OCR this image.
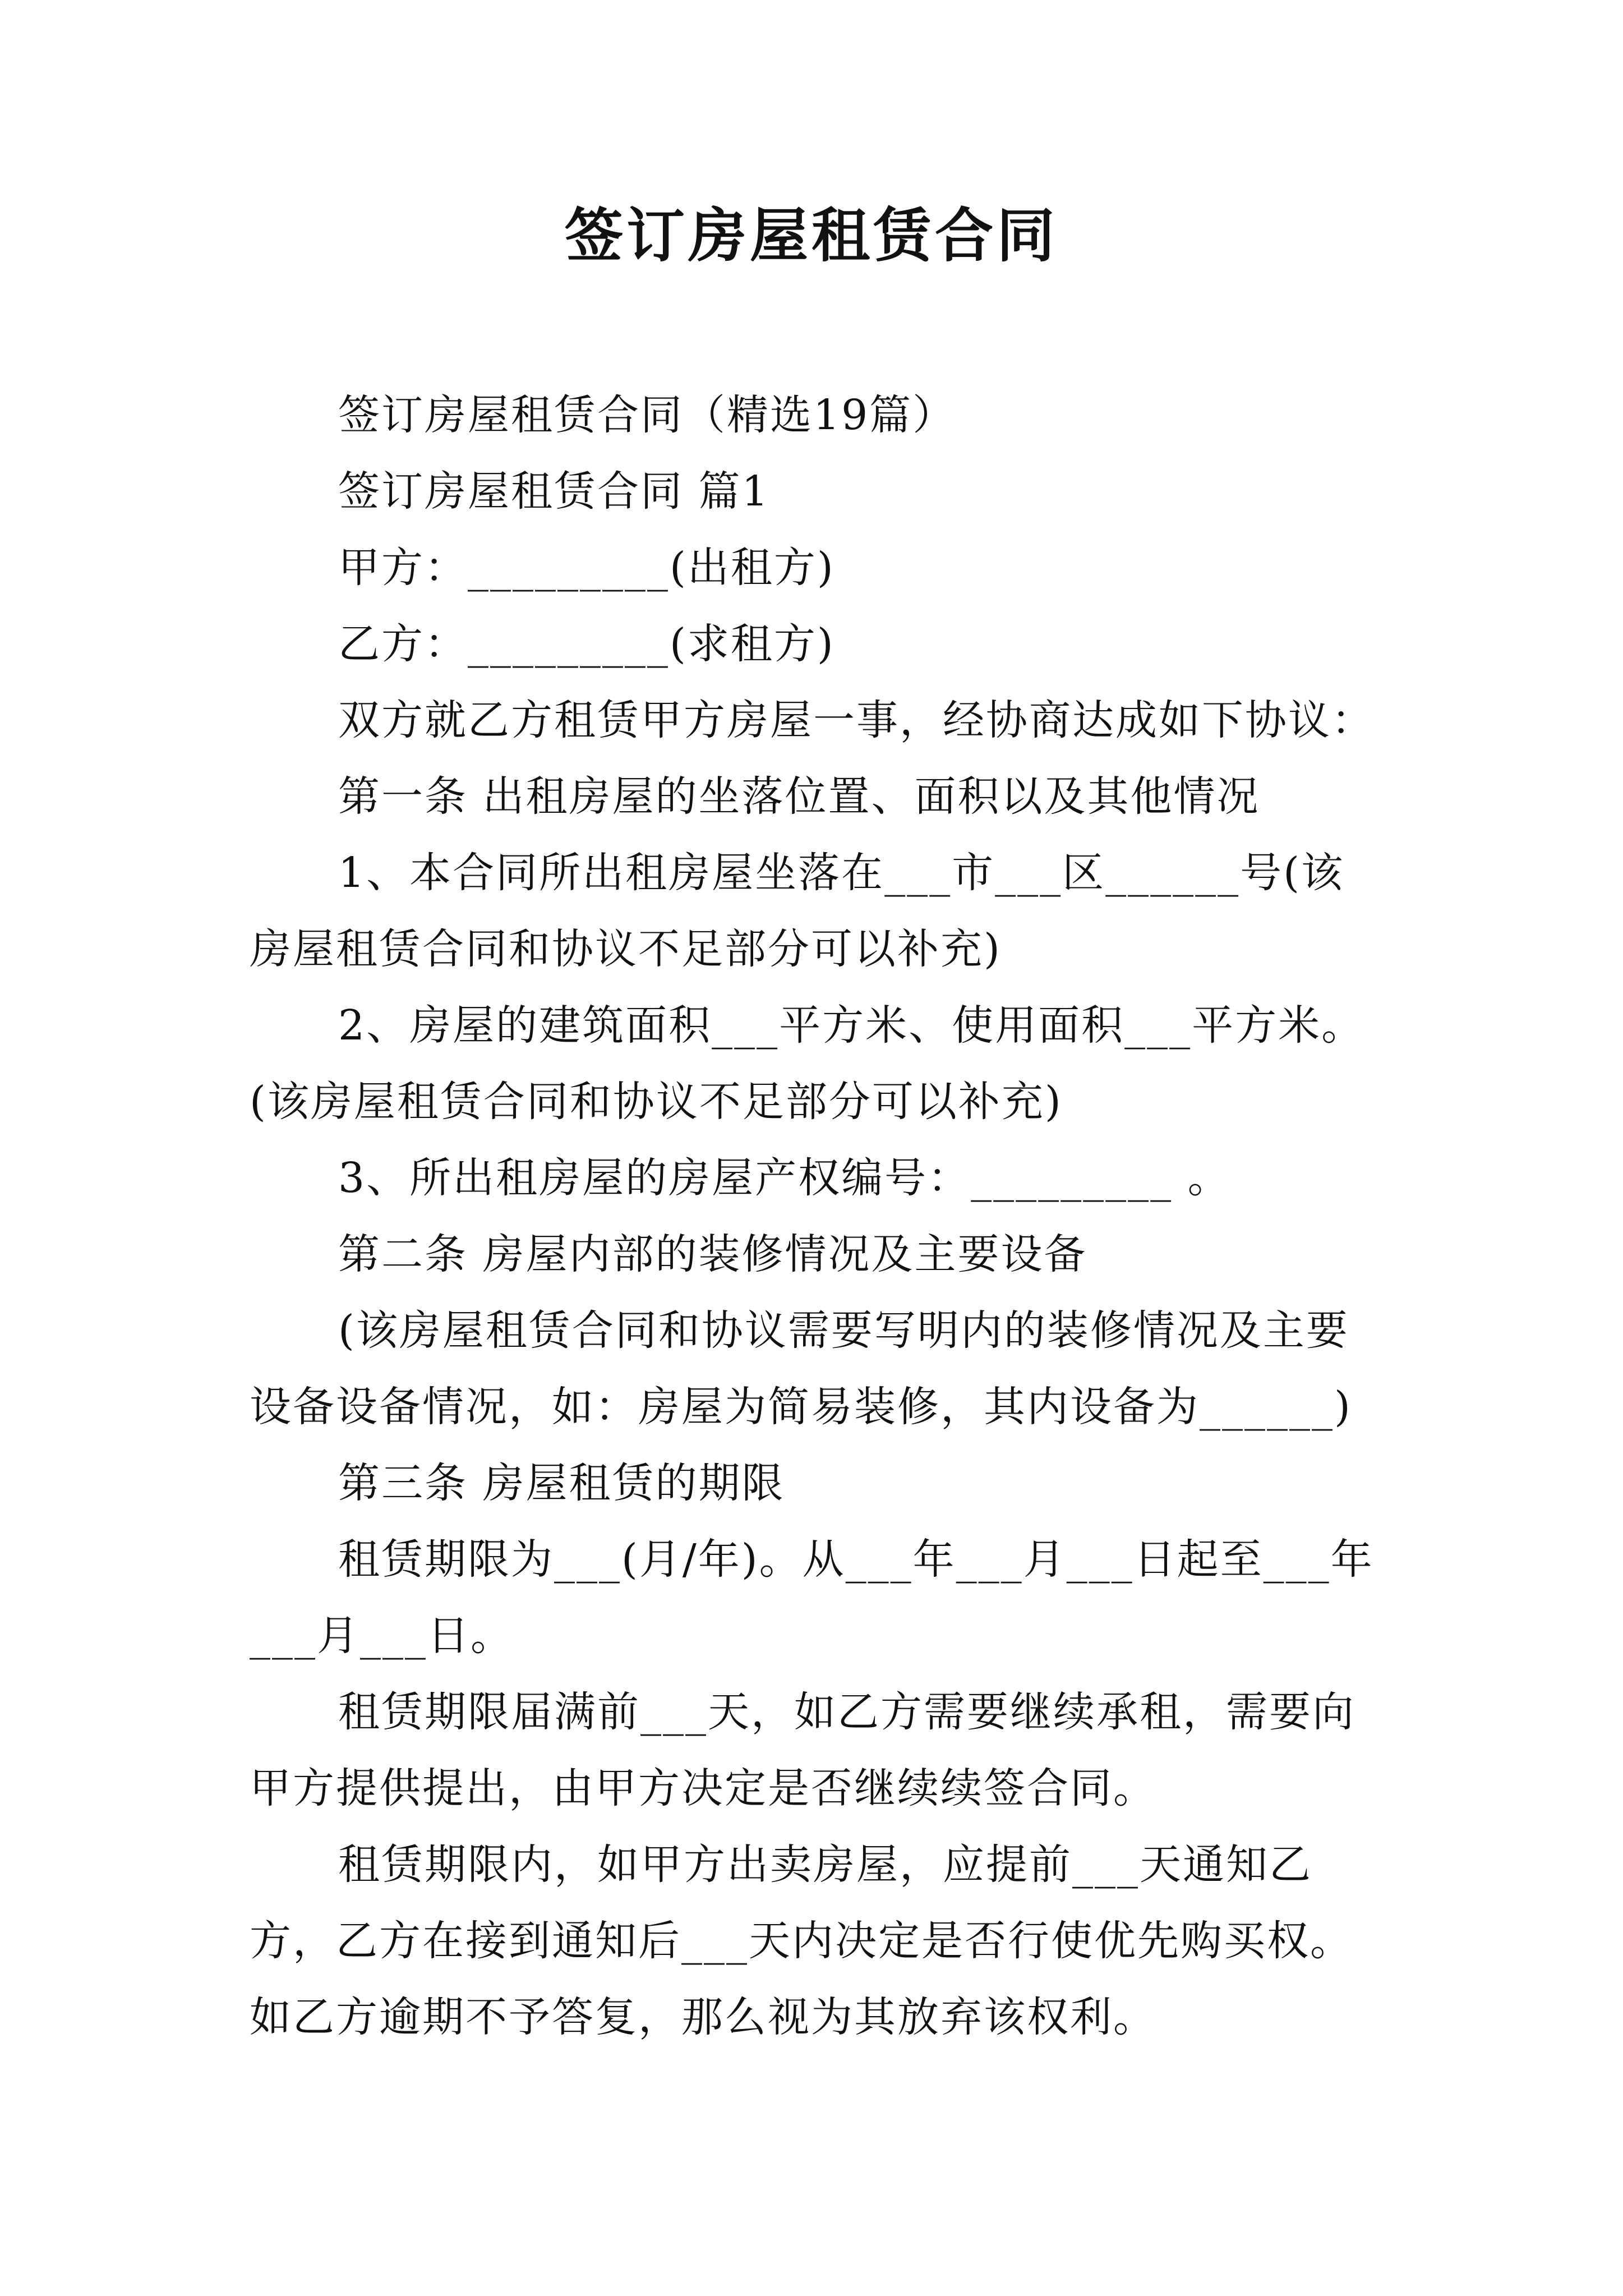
签订房屋租赁合同

签订房屋租赁合同（精选19篇）

签订房屋租赁合同 篇1

甲方：_________(出租方)

乙方：_________(求租方)

双方就乙方租赁甲方房屋一事，经协商达成如下协议：

第一条 出租房屋的坐落位置、面积以及其他情况

1、本合同所出租房屋坐落在___市___区______号(该房屋租赁合同和协议不足部分可以补充)

2、房屋的建筑面积___平方米、使用面积___平方米。(该房屋租赁合同和协议不足部分可以补充)

3、所出租房屋的房屋产权编号：_________ 。

第二条 房屋内部的装修情况及主要设备

(该房屋租赁合同和协议需要写明内的装修情况及主要设备设备情况，如：房屋为简易装修，其内设备为______)

第三条 房屋租赁的期限

租赁期限为___(月/年)。从___年___月___日起至___年___月___日。

租赁期限届满前___天，如乙方需要继续承租，需要向甲方提供提出，由甲方决定是否继续续签合同。

租赁期限内，如甲方出卖房屋，应提前___天通知乙方，乙方在接到通知后___天内决定是否行使优先购买权。如乙方逾期不予答复，那么视为其放弃该权利。
